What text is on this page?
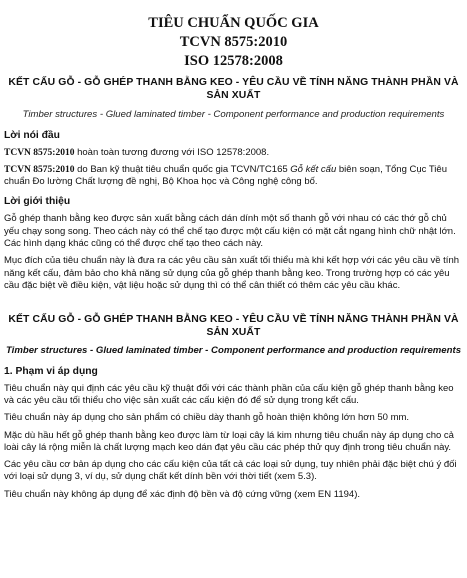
TIÊU CHUẨN QUỐC GIA
TCVN 8575:2010
ISO 12578:2008
KẾT CẤU GỖ - GỖ GHÉP THANH BẰNG KEO - YÊU CẦU VỀ TÍNH NĂNG THÀNH PHẦN VÀ SẢN XUẤT
Timber structures - Glued laminated timber - Component performance and production requirements
Lời nói đầu

TCVN 8575:2010 hoàn toàn tương đương với ISO 12578:2008.

TCVN 8575:2010 do Ban kỹ thuật tiêu chuẩn quốc gia TCVN/TC165 Gỗ kết cấu biên soạn, Tổng Cục Tiêu chuẩn Đo lường Chất lượng đề nghị, Bộ Khoa học và Công nghệ công bố.

Lời giới thiệu

Gỗ ghép thanh bằng keo được sản xuất bằng cách dán dính một số thanh gỗ với nhau có các thớ gỗ chủ yếu chạy song song. Theo cách này có thể chế tạo được một cấu kiện có mặt cắt ngang hình chữ nhật lớn. Các hình dạng khác cũng có thể được chế tạo theo cách này.

Mục đích của tiêu chuẩn này là đưa ra các yêu cầu sản xuất tối thiểu mà khi kết hợp với các yêu cầu về tính năng kết cấu, đảm bảo cho khả năng sử dụng của gỗ ghép thanh bằng keo. Trong trường hợp có các yêu cầu đặc biệt về điều kiện, vật liệu hoặc sử dụng thì có thể cân thiết có thêm các yêu cầu khác.

KẾT CẤU GỖ - GỖ GHÉP THANH BẰNG KEO - YÊU CẦU VỀ TÍNH NĂNG THÀNH PHẦN VÀ SẢN XUẤT
Timber structures - Glued laminated timber - Component performance and production requirements
1. Phạm vi áp dụng

Tiêu chuẩn này qui định các yêu cầu kỹ thuật đối với các thành phần của cấu kiện gỗ ghép thanh bằng keo và các yêu cầu tối thiểu cho việc sản xuất các cấu kiện đó để sử dụng trong kết cấu.

Tiêu chuẩn này áp dụng cho sản phẩm có chiều dày thanh gỗ hoàn thiện không lớn hơn 50 mm.

Mặc dù hầu hết gỗ ghép thanh bằng keo được làm từ loại cây lá kim nhưng tiêu chuẩn này áp dụng cho cả loài cây lá rộng miễn là chất lượng mạch keo dán đạt yêu cầu các phép thử quy định trong tiêu chuẩn này.

Các yêu cầu cơ bản áp dụng cho các cấu kiện của tất cả các loại sử dụng, tuy nhiên phải đặc biệt chú ý đối với loại sử dụng 3, ví dụ, sử dụng chất kết dính bền với thời tiết (xem 5.3).

Tiêu chuẩn này không áp dụng để xác định độ bền và độ cứng vững (xem EN 1194).
